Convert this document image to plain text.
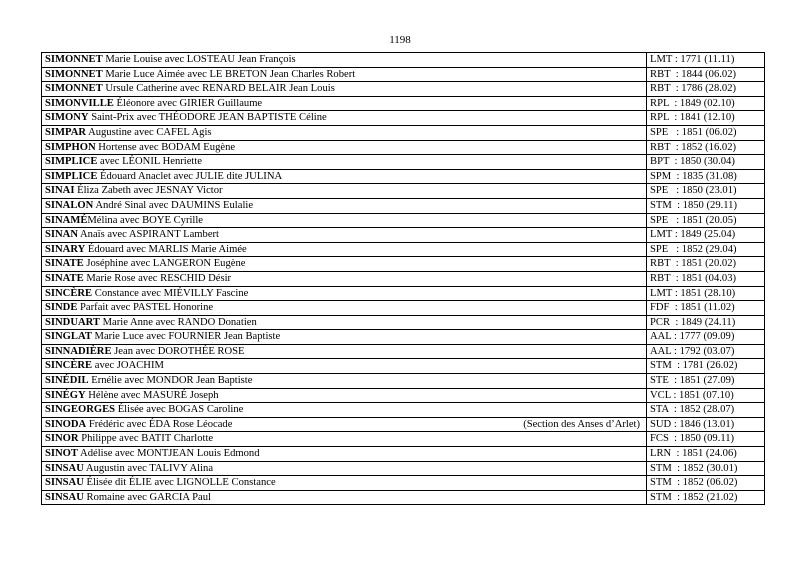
1198
SIMONNET Marie Louise avec LOSTEAU Jean François	LMT : 1771 (11.11)
SIMONNET Marie Luce Aimée avec LE BRETON Jean Charles Robert	RBT  : 1844 (06.02)
SIMONNET Ursule Catherine avec RENARD BELAIR Jean Louis	RBT  : 1786 (28.02)
SIMONVILLE Éléonore avec GIRIER Guillaume	RPL  : 1849 (02.10)
SIMONY Saint-Prix avec THÉODORE JEAN BAPTISTE Céline	RPL  : 1841 (12.10)
SIMPAR Augustine avec CAFEL Agis	SPE   : 1851 (06.02)
SIMPHON Hortense avec BODAM Eugène	RBT  : 1852 (16.02)
SIMPLICE avec LÉONIL Henriette	BPT  : 1850 (30.04)
SIMPLICE Édouard Anaclet avec JULIE dite JULINA	SPM  : 1835 (31.08)
SINAI Éliza Zabeth avec JESNAY Victor	SPE   : 1850 (23.01)
SINALON André Sinal avec DAUMINS Eulalie	STM  : 1850 (29.11)
SINAMÉMélina avec BOYE Cyrille	SPE   : 1851 (20.05)
SINAN Anaïs avec ASPIRANT Lambert	LMT : 1849 (25.04)
SINARY Édouard avec MARLIS Marie Aimée	SPE   : 1852 (29.04)
SINATE Joséphine avec LANGERON Eugène	RBT  : 1851 (20.02)
SINATE Marie Rose avec RESCHID Désir	RBT  : 1851 (04.03)
SINCÈRE Constance avec MIÉVILLY Fascine	LMT : 1851 (28.10)
SINDE Parfait avec PASTEL Honorine	FDF  : 1851 (11.02)
SINDUART Marie Anne avec RANDO Donatien	PCR  : 1849 (24.11)
SINGLAT Marie Luce avec FOURNIER Jean Baptiste	AAL : 1777 (09.09)
SINNADIÈRE Jean avec DOROTHÉE ROSE	AAL : 1792 (03.07)
SINCÈRE avec JOACHIM	STM  : 1781 (26.02)
SINÉDIL Ernélie avec MONDOR Jean Baptiste	STE  : 1851 (27.09)
SINÉGY Hélène avec MASURÉ Joseph	VCL : 1851 (07.10)
SINGEORGES Élisée avec BOGAS Caroline	STA  : 1852 (28.07)
SINODA Frédéric avec ÉDA Rose Léocade (Section des Anses d’Arlet)	SUD : 1846 (13.01)
SINOR Philippe avec BATIT Charlotte	FCS  : 1850 (09.11)
SINOT Adélise avec MONTJEAN Louis Edmond	LRN  : 1851 (24.06)
SINSAU Augustin avec TALIVY Alina	STM  : 1852 (30.01)
SINSAU Élisée dit ÉLIE avec LIGNOLLE Constance	STM  : 1852 (06.02)
SINSAU Romaine avec GARCIA Paul	STM  : 1852 (21.02)
